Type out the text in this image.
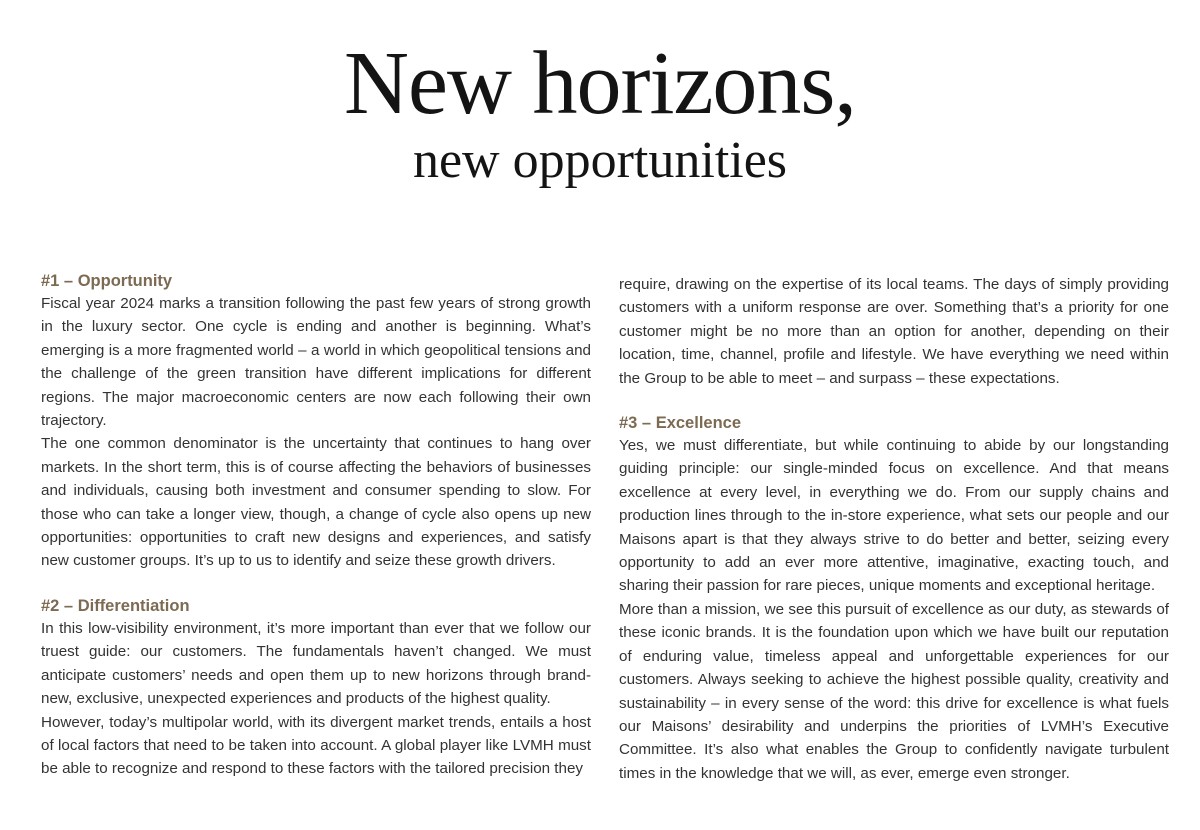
New horizons,
new opportunities
#1 – Opportunity

Fiscal year 2024 marks a transition following the past few years of strong growth in the luxury sector. One cycle is ending and another is beginning. What’s emerging is a more fragmented world – a world in which geopolitical tensions and the challenge of the green transition have different implications for different regions. The major macroeconomic centers are now each following their own trajectory.

The one common denominator is the uncertainty that continues to hang over markets. In the short term, this is of course affecting the behaviors of businesses and individuals, causing both investment and consumer spending to slow. For those who can take a longer view, though, a change of cycle also opens up new opportunities: opportunities to craft new designs and experiences, and satisfy new customer groups. It’s up to us to identify and seize these growth drivers.

#2 – Differentiation

In this low-visibility environment, it’s more important than ever that we follow our truest guide: our customers. The fundamentals haven’t changed. We must anticipate customers’ needs and open them up to new horizons through brand-new, exclusive, unexpected experiences and products of the highest quality.

However, today’s multipolar world, with its divergent market trends, entails a host of local factors that need to be taken into account. A global player like LVMH must be able to recognize and respond to these factors with the tailored precision they

require, drawing on the expertise of its local teams. The days of simply providing customers with a uniform response are over. Something that’s a priority for one customer might be no more than an option for another, depending on their location, time, channel, profile and lifestyle. We have everything we need within the Group to be able to meet – and surpass – these expectations.

#3 – Excellence

Yes, we must differentiate, but while continuing to abide by our longstanding guiding principle: our single-minded focus on excellence. And that means excellence at every level, in everything we do. From our supply chains and production lines through to the in-store experience, what sets our people and our Maisons apart is that they always strive to do better and better, seizing every opportunity to add an ever more attentive, imaginative, exacting touch, and sharing their passion for rare pieces, unique moments and exceptional heritage.

More than a mission, we see this pursuit of excellence as our duty, as stewards of these iconic brands. It is the foundation upon which we have built our reputation of enduring value, timeless appeal and unforgettable experiences for our customers. Always seeking to achieve the highest possible quality, creativity and sustainability – in every sense of the word: this drive for excellence is what fuels our Maisons’ desirability and underpins the priorities of LVMH’s Executive Committee. It’s also what enables the Group to confidently navigate turbulent times in the knowledge that we will, as ever, emerge even stronger.
